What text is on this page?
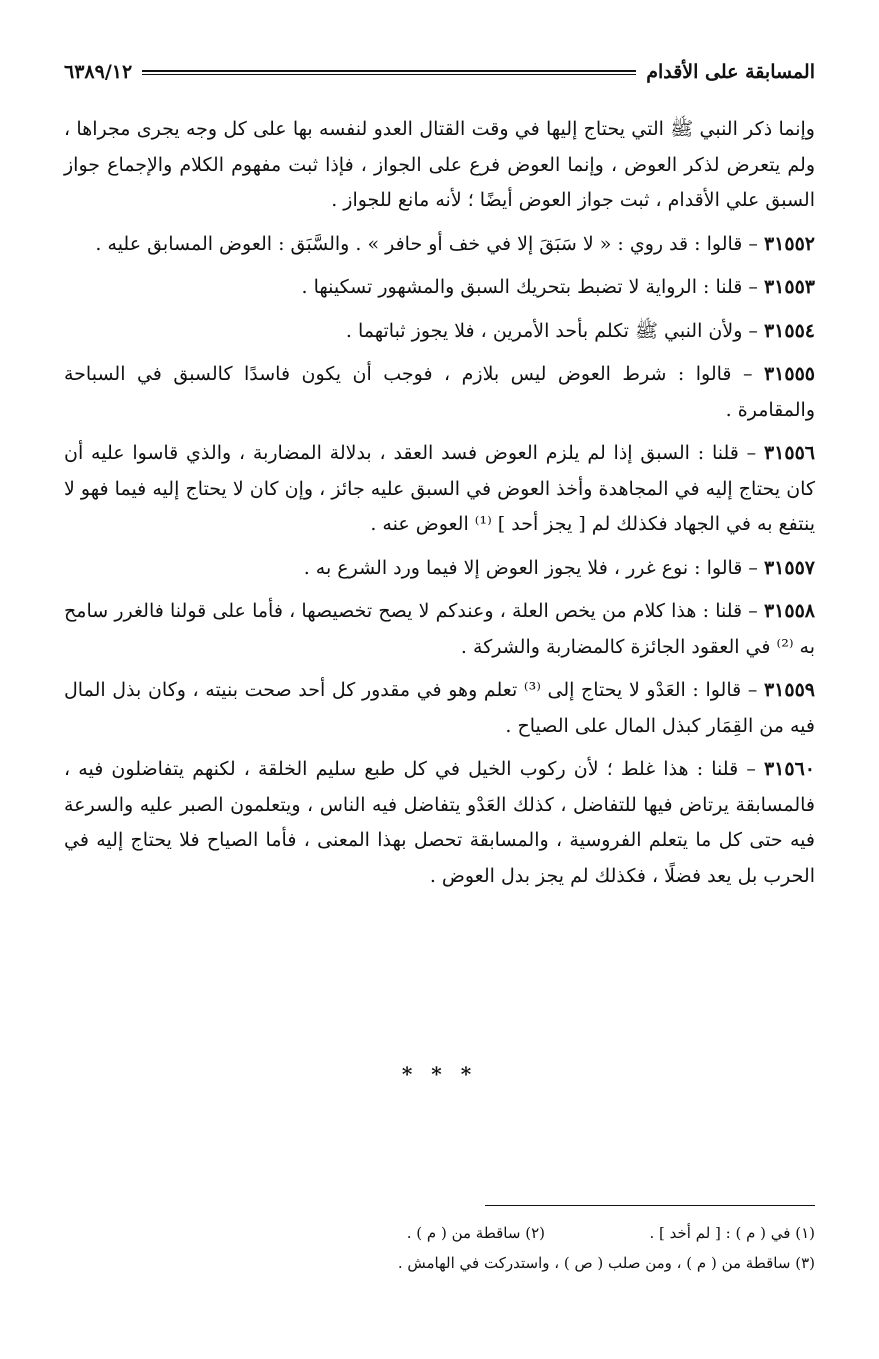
المسابقة على الأقدام
٦٣٨٩/١٢

وإنما ذكر النبي ﷺ التي يحتاج إليها في وقت القتال العدو لنفسه بها على كل وجه يجرى مجراها ، ولم يتعرض لذكر العوض ، وإنما العوض فرع على الجواز ، فإذا ثبت مفهوم الكلام والإجماع جواز السبق علي الأقدام ، ثبت جواز العوض أيضًا ؛ لأنه مانع للجواز .

٣١٥٥٢ – قالوا : قد روي : « لا سَبَقَ إلا في خف أو حافر » . والسَّبَق : العوض المسابق عليه .

٣١٥٥٣ – قلنا : الرواية لا تضبط بتحريك السبق والمشهور تسكينها .

٣١٥٥٤ – ولأن النبي ﷺ تكلم بأحد الأمرين ، فلا يجوز ثباتهما .

٣١٥٥٥ – قالوا : شرط العوض ليس بلازم ، فوجب أن يكون فاسدًا كالسبق في السباحة والمقامرة .

٣١٥٥٦ – قلنا : السبق إذا لم يلزم العوض فسد العقد ، بدلالة المضاربة ، والذي قاسوا عليه أن كان يحتاج إليه في المجاهدة وأخذ العوض في السبق عليه جائز ، وإن كان لا يحتاج إليه فيما فهو لا ينتفع به في الجهاد فكذلك لم [ يجز أحد ] ⁽¹⁾ العوض عنه .

٣١٥٥٧ – قالوا : نوع غرر ، فلا يجوز العوض إلا فيما ورد الشرع به .

٣١٥٥٨ – قلنا : هذا كلام من يخص العلة ، وعندكم لا يصح تخصيصها ، فأما على قولنا فالغرر سامح به ⁽²⁾ في العقود الجائزة كالمضاربة والشركة .

٣١٥٥٩ – قالوا : العَدْو لا يحتاج إلى ⁽³⁾ تعلم وهو في مقدور كل أحد صحت بنيته ، وكان بذل المال فيه من القِمَار كبذل المال على الصياح .

٣١٥٦٠ – قلنا : هذا غلط ؛ لأن ركوب الخيل في كل طبع سليم الخلقة ، لكنهم يتفاضلون فيه ، فالمسابقة يرتاض فيها للتفاضل ، كذلك العَدْو يتفاضل فيه الناس ، ويتعلمون الصبر عليه والسرعة فيه حتى كل ما يتعلم الفروسية ، والمسابقة تحصل بهذا المعنى ، فأما الصياح فلا يحتاج إليه في الحرب بل يعد فضلًا ، فكذلك لم يجز بدل العوض .

* * *
(١) في ( م ) : [ لم أخد ] .
(٢) ساقطة من ( م ) .
(٣) ساقطة من ( م ) ، ومن صلب ( ص ) ، واستدركت في الهامش .
